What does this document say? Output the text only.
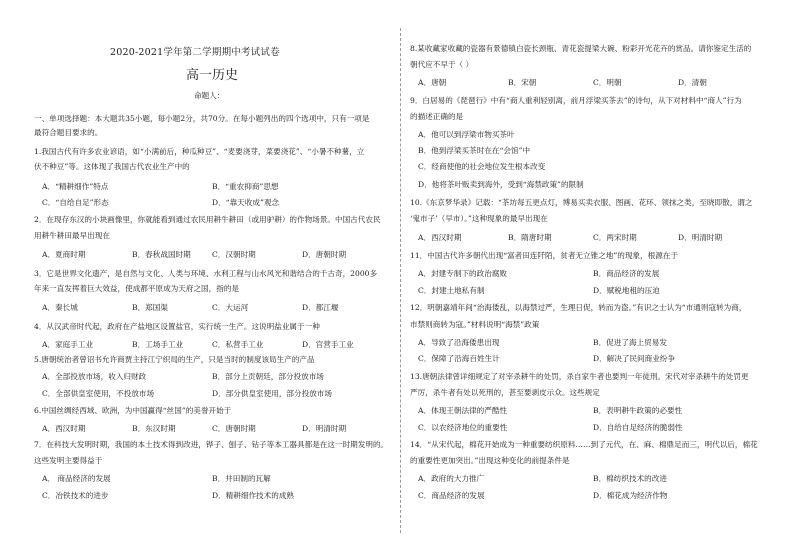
2020-2021学年第二学期期中考试试卷
高一历史
命题人：
一、单项选择题：本大题共35小题，每小题2分，共70分。在每小题列出的四个选项中，只有一项是
最符合题目要求的。
1.我国古代有许多农业谚语，如“小满前后，种瓜种豆”、“麦要浇芽，菜要浇花”、“小暑不种薯，立
伏不种豆”等。这体现了我国古代农业生产中的
A．“精耕细作”特点	B．“重农抑商”思想
C．“自给自足”形态	D．“靠天收成”观念
2．在现存东汉的小块画像里，你就能看到通过农民用耕牛耕田（或用驴耕）的作物场景。中国古代农民
用耕牛耕田最早出现在
A．夏商时期	B．春秋战国时期	C．汉朝时期	D．唐朝时期
3．它是世界文化遗产，是自然与文化、人类与环境、水利工程与山水风光和谐结合的千古奇，2000多
年来一直发挥着巨大效益，使成都平原成为天府之国，指的是
A．秦长城	B．郑国渠	C．大运河	D．都江堰
4．从汉武帝时代起，政府在产盐地区设置盐官，实行统一生产。这说明盐业属于一种
A．家庭手工业	B．工场手工业	C．私营手工业	D．官营手工业
5.唐朝统治者曾诏书允许商贾主持江宁织局的生产，只是当时的制度该局生产的产品
A．全部投放市场，收入归财政	B．部分上贡朝廷，部分投放市场
C．全部供皇室使用，不投放市场	D．部分供皇室使用，部分投放市场
6.中国丝绸经西域、欧洲，为中国赢得“丝国”的美誉开始于
A．西汉时期	B．东汉时期	C．唐朝时期	D．明清时期
7．在科技大发明时期，我国的本土技术得到改进，铧子、刨子、钻子等本工器具都是在这一时期发明的。
这些发明主要得益于
A． 商品经济的发展	B．井田制的瓦解
C．冶铁技术的进步	D．精耕细作技术的成熟
8.某收藏家收藏的瓷器有景德镇白瓷长颈瓶、青花瓷提梁大碗、粉彩开光花卉的赏品。请你鉴定生活的
朝代应不早于（ ）
A．唐朝	B．宋朝	C．明朝	D．清朝
9．白居易的《琵琶行》中有“商人重利轻别离，前月浮梁买茶去”的诗句，从下对材料中“商人”行为
的描述正确的是
A．他可以到浮梁市物买茶叶
B．他到浮梁买茶时在在“会馆”中
C．经商使他的社会地位发生根本改变
D．他将茶叶贩卖到海外，受到“海禁政策”的限制
10.《东京梦华录》记载：“茶坊每五更点灯，博易买卖衣服、图画、花环、领抹之类，至晓即散，谓之
‘鬼市子’（早市）。”这种现象的最早出现在
A．西汉时期	B．隋唐时期	C．两宋时期	D．明清时期
11．中国古代许多朝代出现“富者田连阡陌，贫者无立锥之地”的现象，根源在于
A．封建专制下的政治腐败	B．商品经济的发展
C．封建土地私有制	D．赋税地租的压迫
12．明朝嘉靖年间“治海倭乱，以海禁过严，生理日促，转而为盗。”有识之士认为“市通则寇转为商，
市禁则商转为寇。”材料说明“海禁”政策
A．导致了沿海倭患出现	B．促进了海上贸易发
C．保障了沿海百姓生计	D．解决了民间商业纷争
13.唐朝法律曾详细规定了对宰杀耕牛的处罚，杀自家牛者也要判一年徒刑。宋代对宰杀耕牛的处罚更
严厉，杀牛者有处以死刑的，甚至要剥皮示众。这些规定
A．体现王朝法律的严酷性	B．表明耕牛政策的必要性
C．以农经济地位的重要性	D．自给自足经济的脆弱性
14．“从宋代起，棉花开始成为一种重要纺织原料……到了元代，在、麻、棉鼎足而三，明代以后，棉花
的重要性更加突出。”出现这种变化的前提条件是
A．政府的大力推广	B．棉纺织技术的改进
C．商品经济的发展	D．棉花成为经济作物
